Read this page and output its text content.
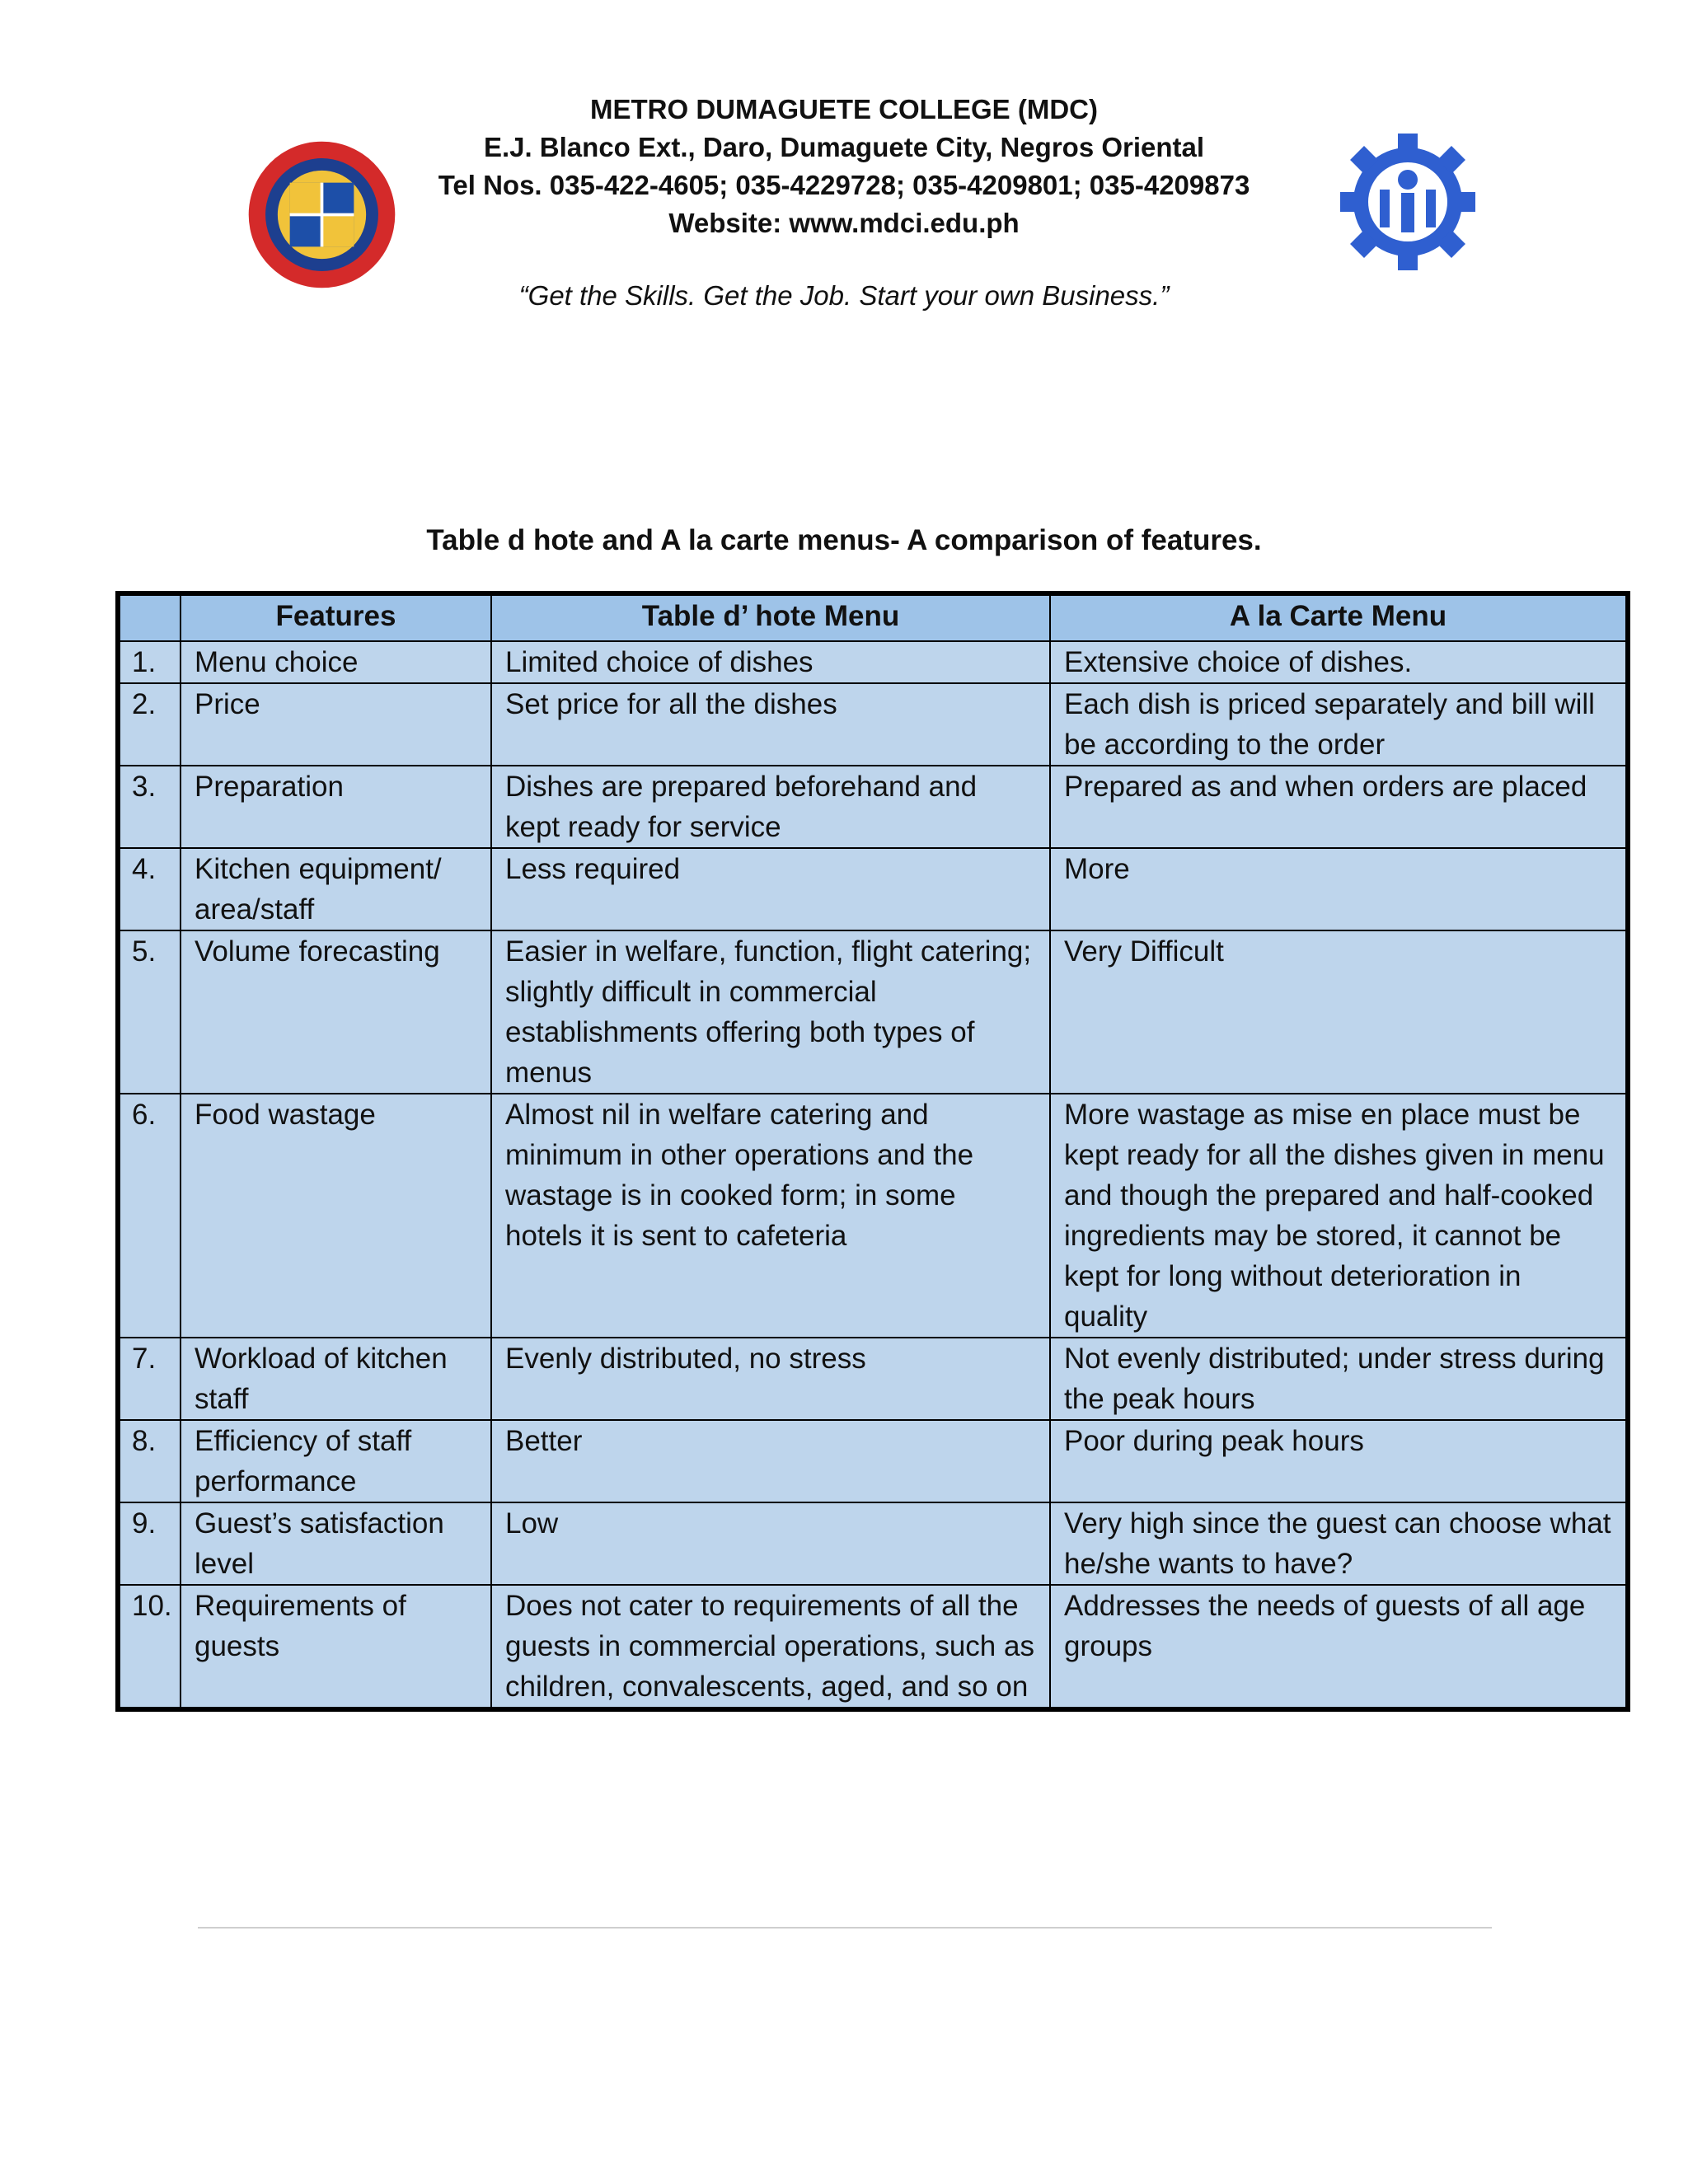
METRO DUMAGUETE COLLEGE (MDC)
E.J. Blanco Ext., Daro, Dumaguete City, Negros Oriental
Tel Nos. 035-422-4605; 035-4229728; 035-4209801; 035-4209873
Website: www.mdci.edu.ph
“Get the Skills. Get the Job. Start your own Business.”
Table d hote and A la carte menus- A comparison of features.
	Features	Table d’ hote Menu	A la Carte Menu
1.	Menu choice	Limited choice of dishes	Extensive choice of dishes.
2.	Price	Set price for all the dishes	Each dish is priced separately and bill will be according to the order
3.	Preparation	Dishes are prepared beforehand and kept ready for service	Prepared as and when orders are placed
4.	Kitchen equipment/ area/staff	Less required	More
5.	Volume forecasting	Easier in welfare, function, flight catering; slightly difficult in commercial establishments offering both types of menus	Very Difficult
6.	Food wastage	Almost nil in welfare catering and minimum in other operations and the wastage is in cooked form; in some hotels it is sent to cafeteria	More wastage as mise en place must be kept ready for all the dishes given in menu and though the prepared and half-cooked ingredients may be stored, it cannot be kept for long without deterioration in quality
7.	Workload of kitchen staff	Evenly distributed, no stress	Not evenly distributed; under stress during the peak hours
8.	Efficiency of staff performance	Better	Poor during peak hours
9.	Guest’s satisfaction level	Low	Very high since the guest can choose what he/she wants to have?
10.	Requirements of guests	Does not cater to requirements of all the guests in commercial operations, such as children, convalescents, aged, and so on	Addresses the needs of guests of all age groups
